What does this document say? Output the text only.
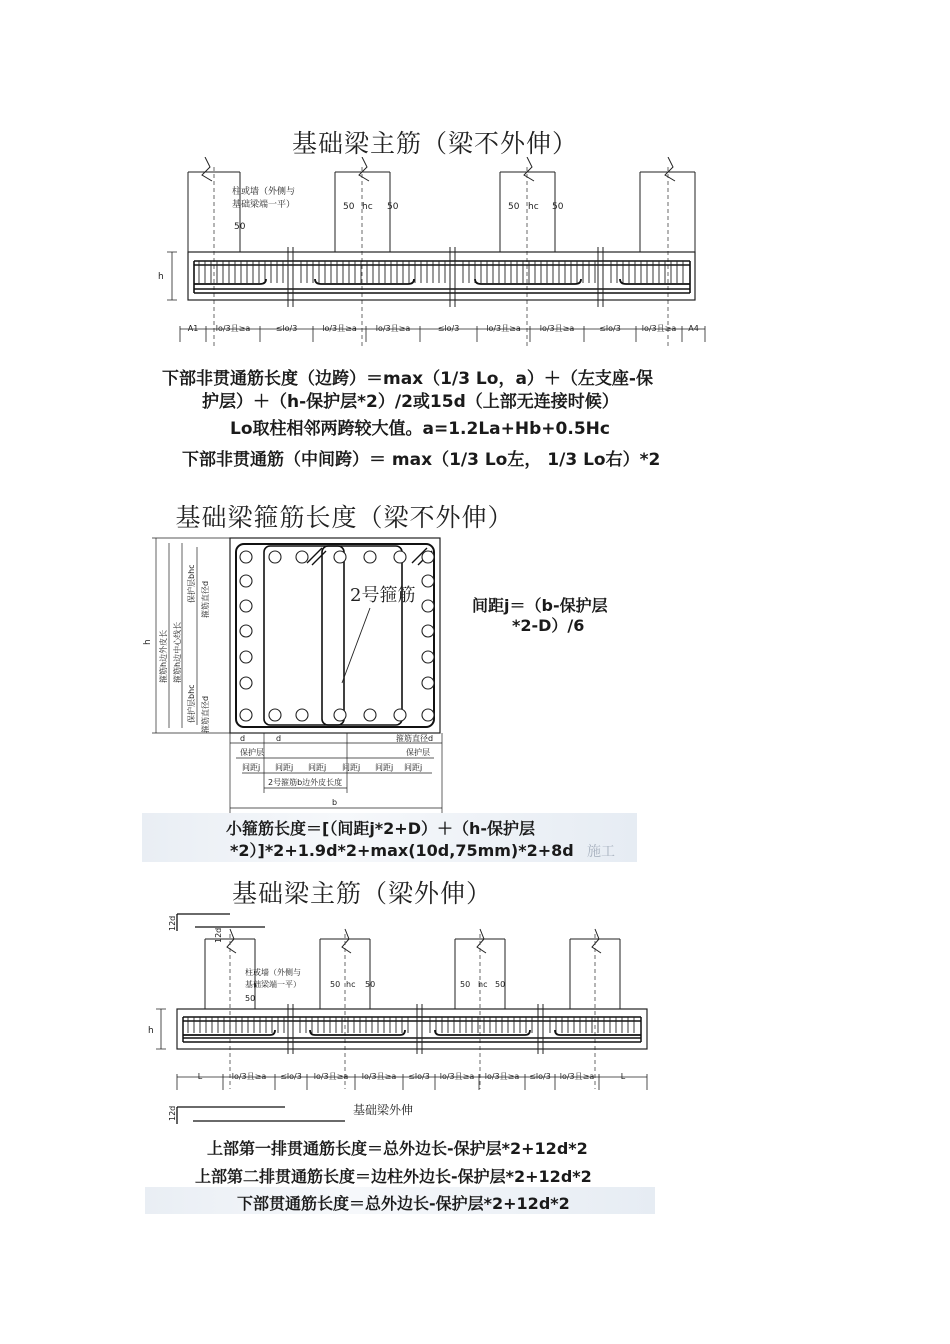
基础梁主筋（梁不外伸）
h
柱或墙（外侧与
基础梁端一平）
50
50 hc 50	50 hc 50
A1 lo/3且≥a	≤lo/3	lo/3且≥a lo/3且≥a	≤lo/3	lo/3且≥a lo/3且≥a	≤lo/3	lo/3且≥a A4
下部非贯通筋长度（边跨）＝max（1/3 Lo，a）＋（左支座-保
护层）＋（h-保护层*2）/2或15d（上部无连接时候）
Lo取柱相邻两跨较大值。a=1.2La+Hb+0.5Hc
下部非贯通筋（中间跨）＝ max（1/3 Lo左， 1/3 Lo右）*2
基础梁箍筋长度（梁不外伸）
2号箍筋
h 箍筋h边外皮长 箍筋h边中心线长
保护层bhc 箍筋直径d
保护层bhc 箍筋直径d
d	d	箍筋直径d
保护层	保护层
间距j 间距j 间距j 间距j 间距j 间距j
2号箍筋b边外皮长度
b
间距j＝（b-保护层
*2-D）/6
小箍筋长度＝[（间距j*2+D）＋（h-保护层
*2）]*2+1.9d*2+max(10d,75mm)*2+8d 施工
基础梁主筋（梁外伸）
12d
12d
h
柱或墙（外侧与
基础梁端一平）
50
50 hc 50	50 hc 50
L	lo/3且≥a ≤lo/3 lo/3且≥a lo/3且≥a ≤lo/3 lo/3且≥a lo/3且≥a ≤lo/3 lo/3且≥a	L
12d	基础梁外伸
上部第一排贯通筋长度＝总外边长-保护层*2+12d*2
上部第二排贯通筋长度＝边柱外边长-保护层*2+12d*2
下部贯通筋长度＝总外边长-保护层*2+12d*2
